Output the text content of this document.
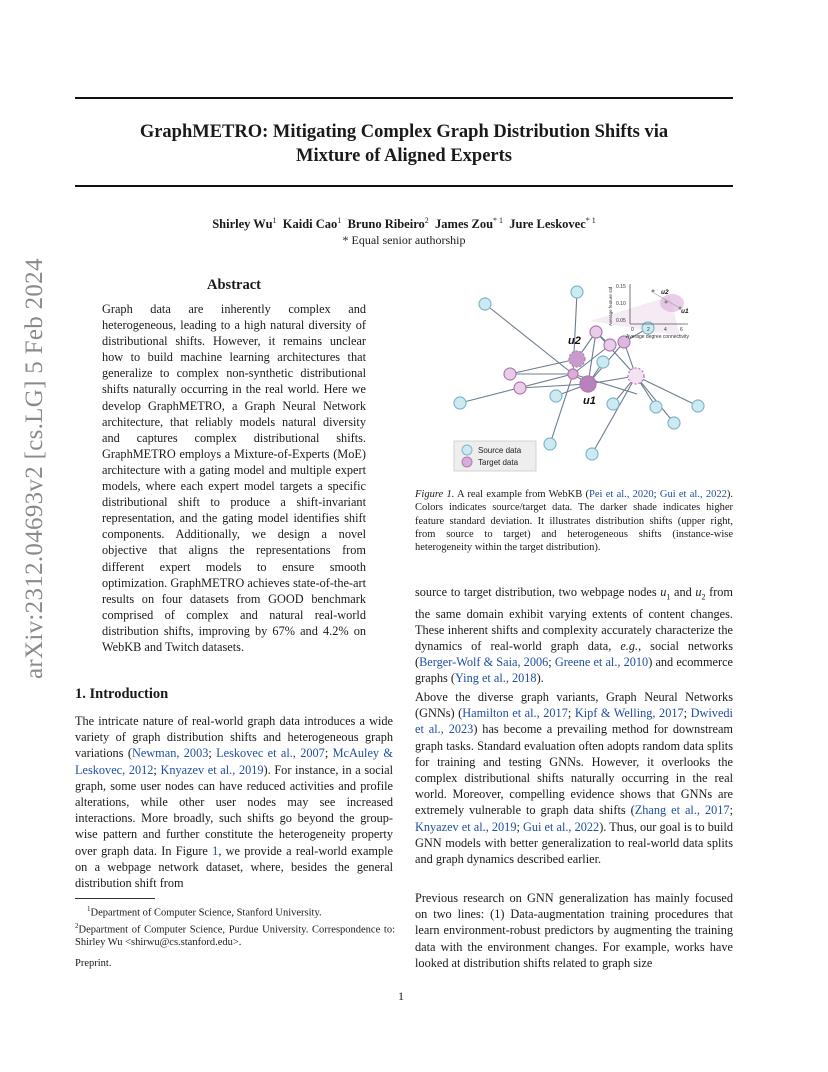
GraphMETRO: Mitigating Complex Graph Distribution Shifts via
Mixture of Aligned Experts
Shirley Wu$^1$ Kaidi Cao$^1$ Bruno Ribeiro$^2$ James Zou$^{* 1}$ Jure Leskovec$^{* 1}$
* Equal senior authorship
arXiv:2312.04693v2 [cs.LG] 5 Feb 2024	Abstract
Graph data are inherently complex and heterogeneous, leading to a high natural diversity of distributional shifts. However, it remains unclear how to build machine learning architectures that generalize to complex non-synthetic distributional shifts naturally occurring in the real world. Here we develop GraphMETRO, a Graph Neural Network architecture, that reliably models natural diversity and captures complex distributional shifts. GraphMETRO employs a Mixture-of-Experts (MoE) architecture with a gating model and multiple expert models, where each expert model targets a specific distributional shift to produce a shift-invariant representation, and the gating model identifies shift components. Additionally, we design a novel objective that aligns the representations from different expert models to ensure smooth optimization. GraphMETRO achieves state-of-the-art results on four datasets from GOOD benchmark comprised of complex and natural real-world distribution shifts, improving by 67% and 4.2% on WebKB and Twitch datasets.
1. Introduction
The intricate nature of real-world graph data introduces a wide variety of graph distribution shifts and heterogeneous graph variations (Newman, 2003; Leskovec et al., 2007; McAuley & Leskovec, 2012; Knyazev et al., 2019). For instance, in a social graph, some user nodes can have reduced activities and profile alterations, while other user nodes may see increased interactions. More broadly, such shifts go beyond the group-wise pattern and further constitute the heterogeneity property over graph data. In Figure 1, we provide a real-world example on a webpage network dataset, where, besides the general distribution shift from
$^1$Department of Computer Science, Stanford University.
$^2$Department of Computer Science, Purdue University. Correspondence to: Shirley Wu <shirwu@cs.stanford.edu>.
Preprint.
1
u2
u1
0.15
0.10
0.05
0	2	4	6
Average degree connectivity
Average feature std	u2
u1
Source data
Target data
Figure 1. A real example from WebKB (Pei et al., 2020; Gui et al., 2022). Colors indicates source/target data. The darker shade indicates higher feature standard deviation. It illustrates distribution shifts (upper right, from source to target) and heterogeneous shifts (instance-wise heterogeneity within the target distribution).
source to target distribution, two webpage nodes $u_1$ and $u_2$ from the same domain exhibit varying extents of content changes. These inherent shifts and complexity accurately characterize the dynamics of real-world graph data, e.g., social networks (Berger-Wolf & Saia, 2006; Greene et al., 2010) and ecommerce graphs (Ying et al., 2018).
Above the diverse graph variants, Graph Neural Networks (GNNs) (Hamilton et al., 2017; Kipf & Welling, 2017; Dwivedi et al., 2023) has become a prevailing method for downstream graph tasks. Standard evaluation often adopts random data splits for training and testing GNNs. However, it overlooks the complex distributional shifts naturally occurring in the real world. Moreover, compelling evidence shows that GNNs are extremely vulnerable to graph data shifts (Zhang et al., 2017; Knyazev et al., 2019; Gui et al., 2022). Thus, our goal is to build GNN models with better generalization to real-world data splits and graph dynamics described earlier.
Previous research on GNN generalization has mainly focused on two lines: (1) Data-augmentation training procedures that learn environment-robust predictors by augmenting the training data with the environment changes. For example, works have looked at distribution shifts related to graph size
